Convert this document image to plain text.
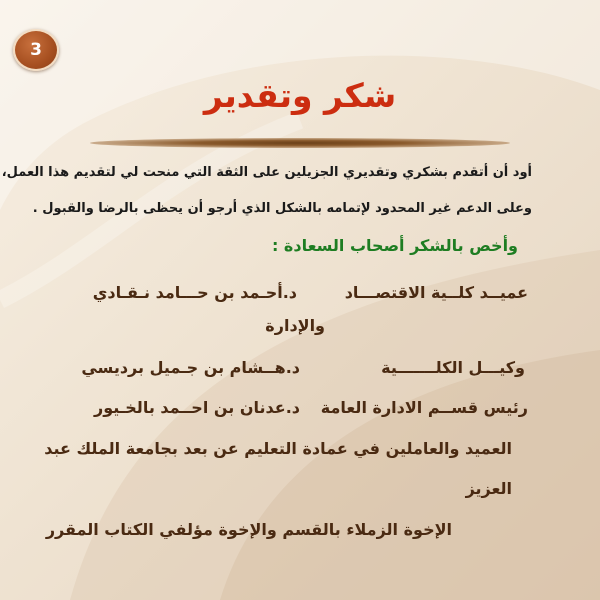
3
شكر وتقدير
أود أن أتقدم بشكري وتقديري الجزيلين على الثقة التي منحت لي لتقديم هذا العمل،
وعلى الدعم غير المحدود لإتمامه بالشكل الذي أرجو أن يحظى بالرضا والقبول .
وأخص بالشكر أصحاب السعادة :
عميــد كلــية الاقتصـــاد
د.أحـمد بن حـــامد نـقـادي
والإدارة
وكيـــل الكلـــــــية
د.هــشام بن جـميل برديسي
رئيس قســم الادارة العامة
د.عدنان بن احــمد بالخـيور
العميد والعاملين في عمادة التعليم عن بعد بجامعة الملك عبد
العزيز
الإخوة الزملاء بالقسم والإخوة مؤلفي الكتاب المقرر
